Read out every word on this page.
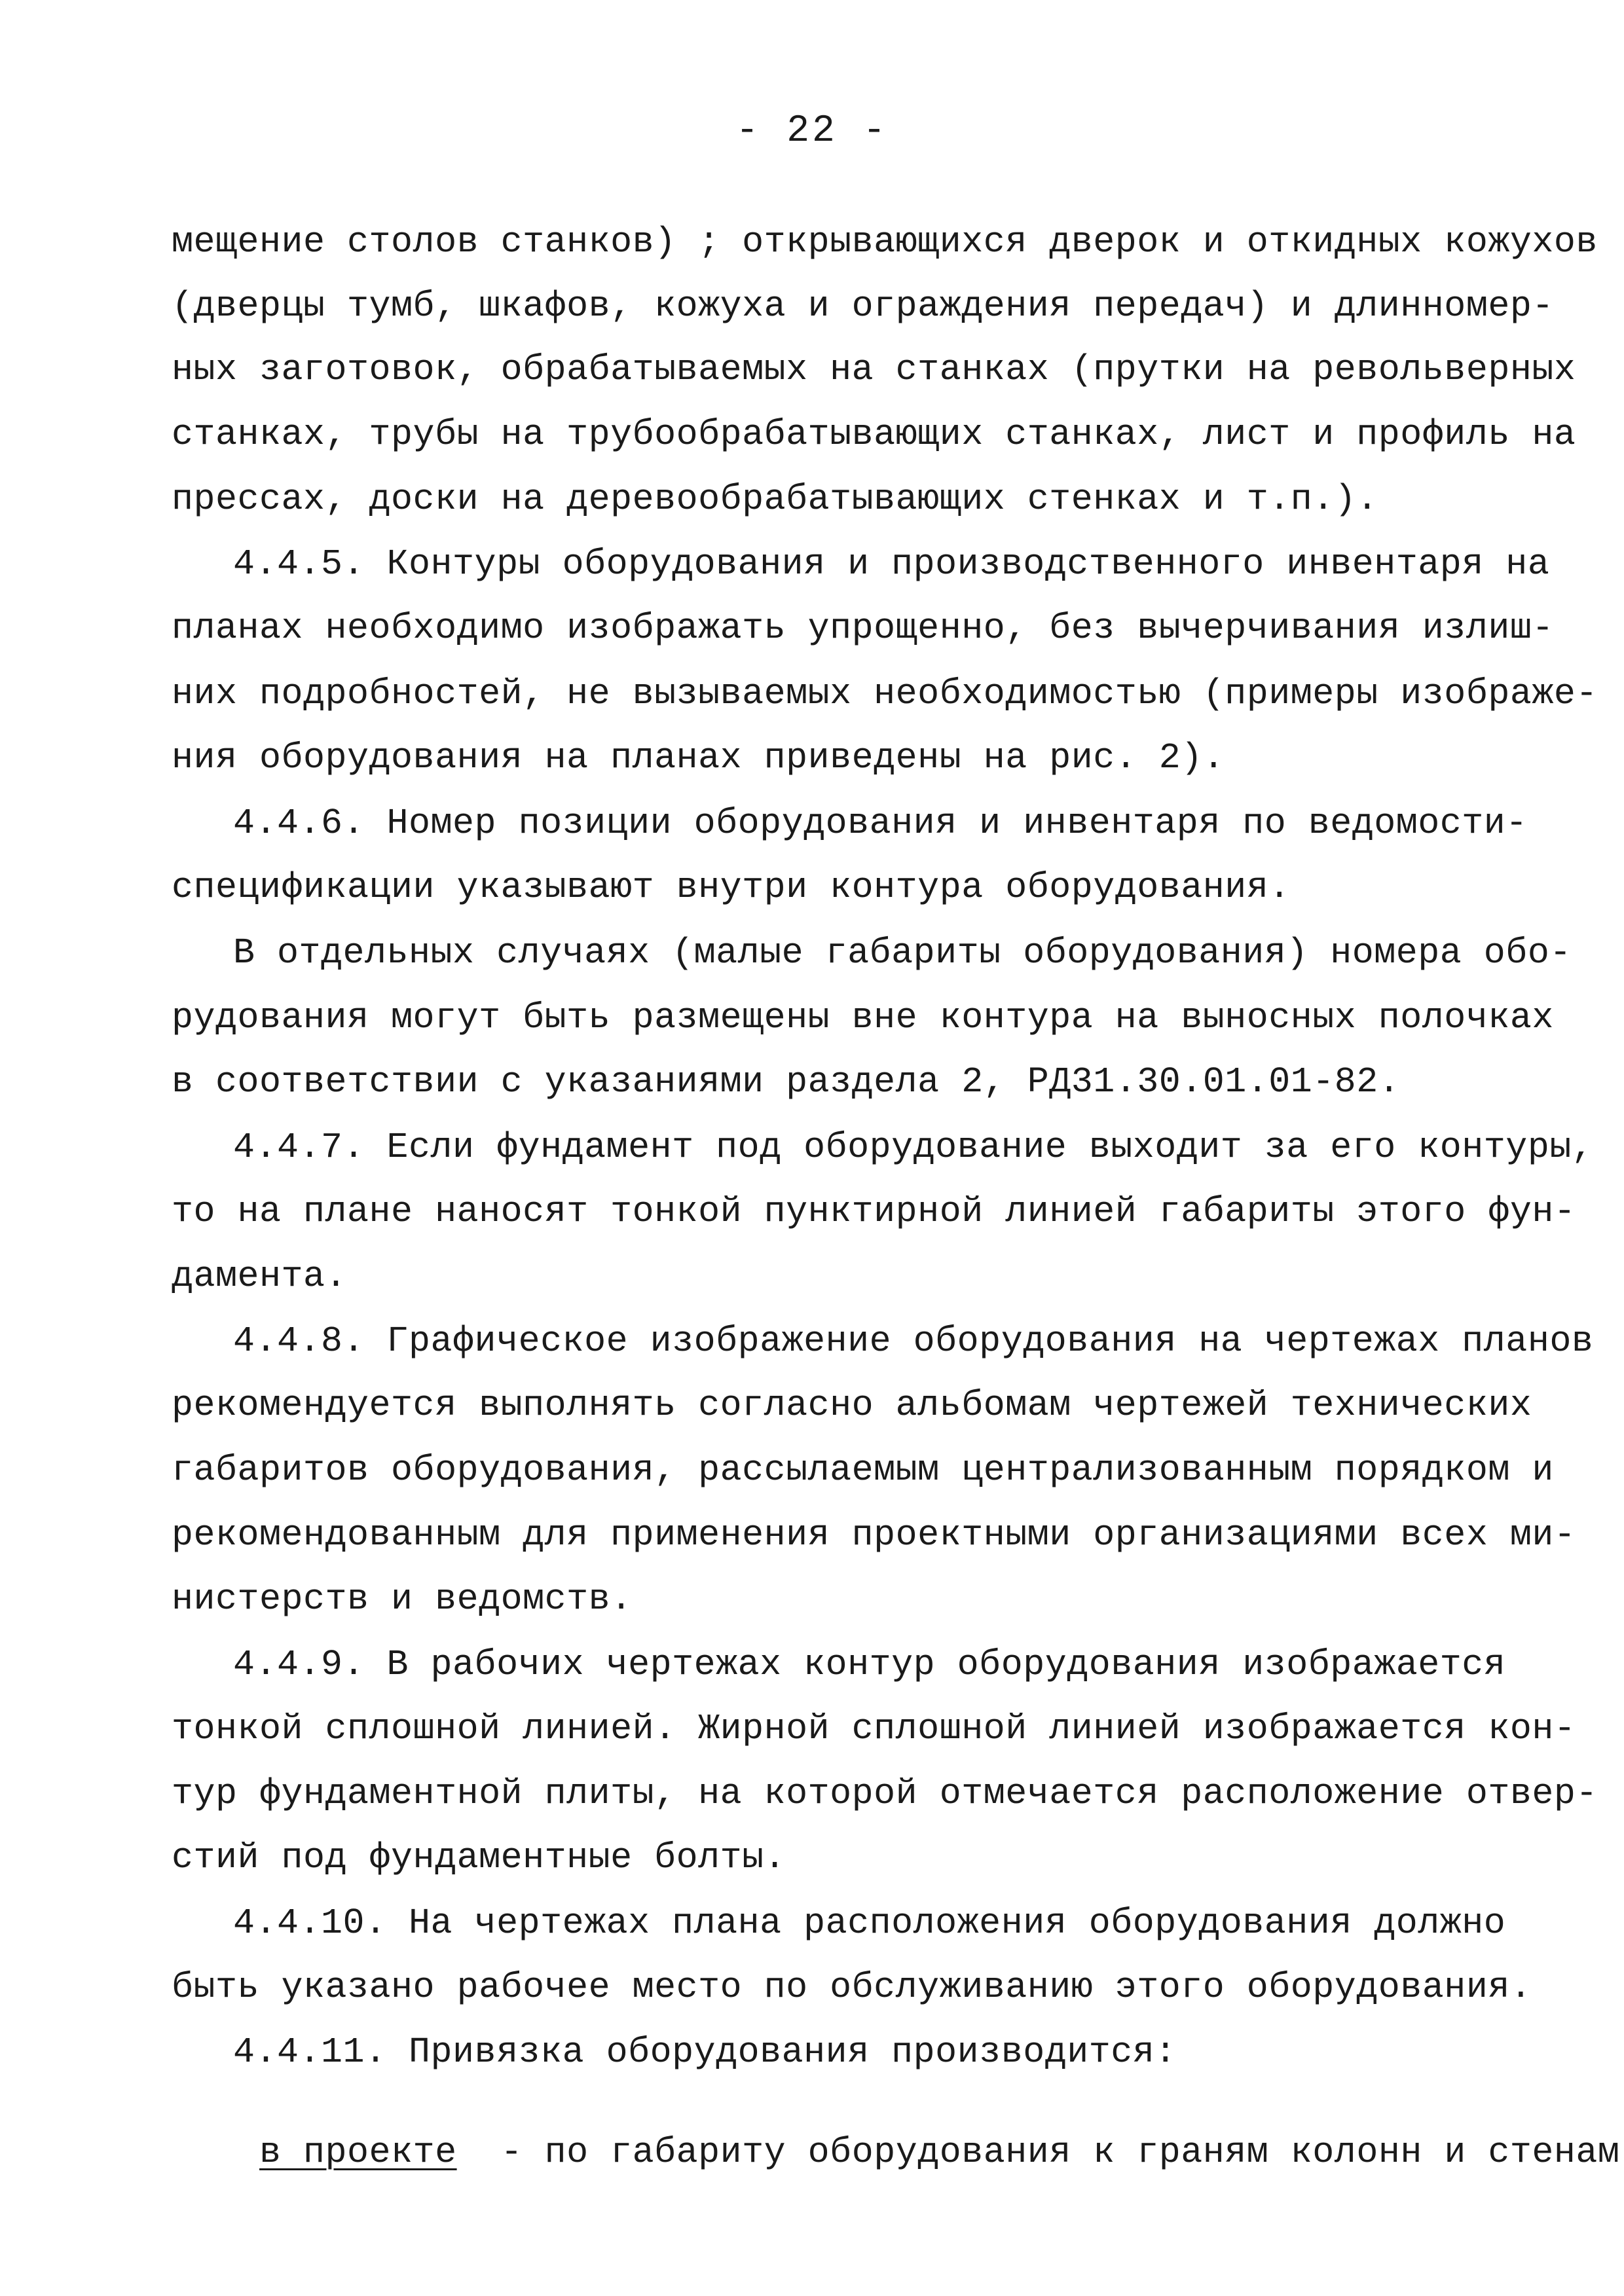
- 22 -
мещение столов станков) ; открывающихся дверок и откидных кожухов
(дверцы тумб, шкафов, кожуха и ограждения передач) и длинномер-
ных заготовок, обрабатываемых на станках (прутки на револьверных
станках, трубы на трубообрабатывающих станках, лист и профиль на
прессах, доски на деревообрабатывающих стенках и т.п.).
4.4.5. Контуры оборудования и производственного инвентаря на
планах необходимо изображать упрощенно, без вычерчивания излиш-
них подробностей, не вызываемых необходимостью (примеры изображе-
ния оборудования на планах приведены на рис. 2).
4.4.6. Номер позиции оборудования и инвентаря по ведомости-
спецификации указывают внутри контура оборудования.
В отдельных случаях (малые габариты оборудования) номера обо-
рудования могут быть размещены вне контура на выносных полочках
в соответствии с указаниями раздела 2, РД31.30.01.01-82.
4.4.7. Если фундамент под оборудование выходит за его контуры,
то на плане наносят тонкой пунктирной линией габариты этого фун-
дамента.
4.4.8. Графическое изображение оборудования на чертежах планов
рекомендуется выполнять согласно альбомам чертежей технических
габаритов оборудования, рассылаемым централизованным порядком и
рекомендованным для применения проектными организациями всех ми-
нистерств и ведомств.
4.4.9. В рабочих чертежах контур оборудования изображается
тонкой сплошной линией. Жирной сплошной линией изображается кон-
тур фундаментной плиты, на которой отмечается расположение отвер-
стий под фундаментные болты.
4.4.10. На чертежах плана расположения оборудования должно
быть указано рабочее место по обслуживанию этого оборудования.
4.4.11. Привязка оборудования производится:

в проекте  - по габариту оборудования к граням колонн и стенам
